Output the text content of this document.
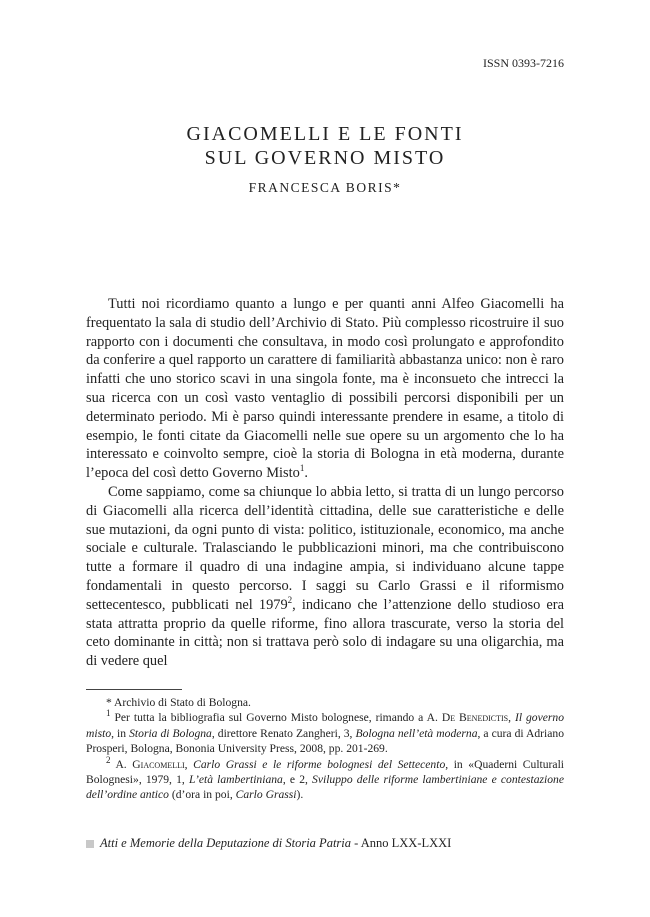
ISSN 0393-7216
GIACOMELLI E LE FONTI
SUL GOVERNO MISTO
FRANCESCA BORIS*

Tutti noi ricordiamo quanto a lungo e per quanti anni Alfeo Giacomelli ha frequentato la sala di studio dell’Archivio di Stato. Più complesso ricostruire il suo rapporto con i documenti che consultava, in modo così prolungato e approfondito da conferire a quel rapporto un carattere di familiarità abbastanza unico: non è raro infatti che uno storico scavi in una singola fonte, ma è inconsueto che intrecci la sua ricerca con un così vasto ventaglio di possibili percorsi disponibili per un determinato periodo. Mi è parso quindi interessante prendere in esame, a titolo di esempio, le fonti citate da Giacomelli nelle sue opere su un argomento che lo ha interessato e coinvolto sempre, cioè la storia di Bologna in età moderna, durante l’epoca del così detto Governo Misto$^1$.

Come sappiamo, come sa chiunque lo abbia letto, si tratta di un lungo percorso di Giacomelli alla ricerca dell’identità cittadina, delle sue caratteristiche e delle sue mutazioni, da ogni punto di vista: politico, istituzionale, economico, ma anche sociale e culturale. Tralasciando le pubblicazioni minori, ma che contribuiscono tutte a formare il quadro di una indagine ampia, si individuano alcune tappe fondamentali in questo percorso. I saggi su Carlo Grassi e il riformismo settecentesco, pubblicati nel 1979$^2$, indicano che l’attenzione dello studioso era stata attratta proprio da quelle riforme, fino allora trascurate, verso la storia del ceto dominante in città; non si trattava però solo di indagare su una oligarchia, ma di vedere quel

* Archivio di Stato di Bologna.

$^1$ Per tutta la bibliografia sul Governo Misto bolognese, rimando a A. De Benedictis, Il governo misto, in Storia di Bologna, direttore Renato Zangheri, 3, Bologna nell’età moderna, a cura di Adriano Prosperi, Bologna, Bononia University Press, 2008, pp. 201-269.

$^2$ A. Giacomelli, Carlo Grassi e le riforme bolognesi del Settecento, in «Quaderni Culturali Bolognesi», 1979, 1, L’età lambertiniana, e 2, Sviluppo delle riforme lambertiniane e contestazione dell’ordine antico (d’ora in poi, Carlo Grassi).

Atti e Memorie della Deputazione di Storia Patria - Anno LXX-LXXI
